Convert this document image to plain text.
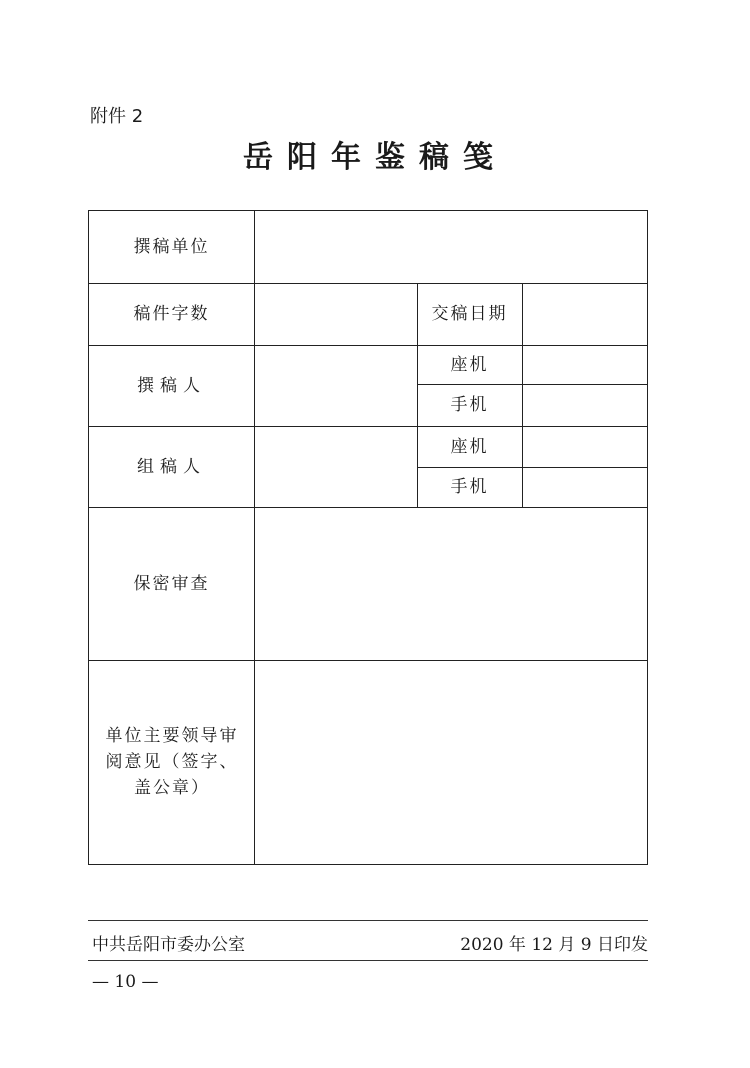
附件 2
岳阳年鉴稿笺
撰稿单位
稿件字数	交稿日期
撰稿人
座机
手机
组稿人
座机
手机
保密审查
单位主要领导审阅意见（签字、盖公章）
中共岳阳市委办公室	2020 年 12 月 9 日印发
— 10 —
